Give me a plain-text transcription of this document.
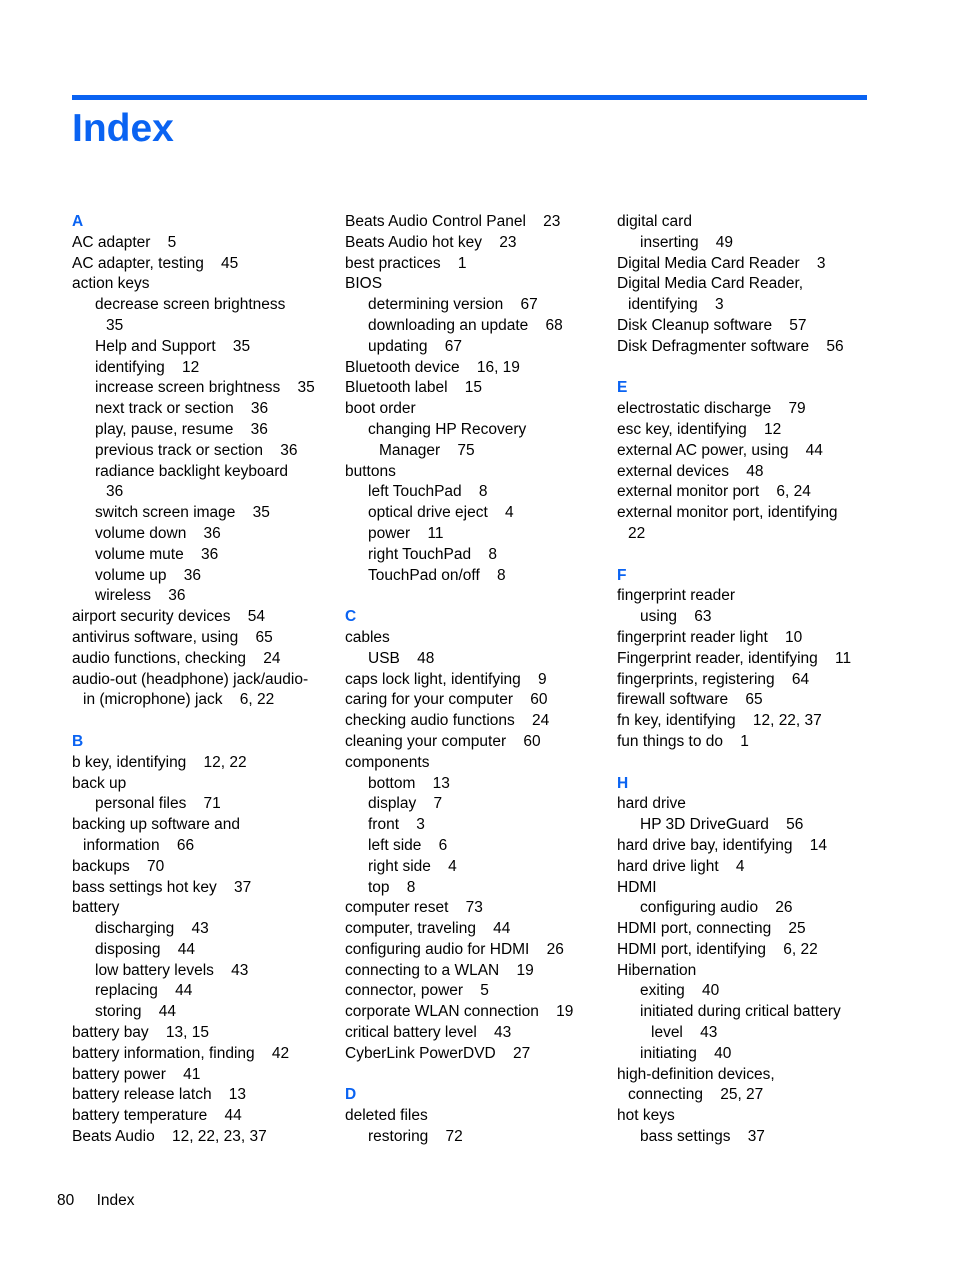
Index
A
AC adapter    5
AC adapter, testing    45
action keys
decrease screen brightness
35
Help and Support    35
identifying    12
increase screen brightness    35
next track or section    36
play, pause, resume    36
previous track or section    36
radiance backlight keyboard
36
switch screen image    35
volume down    36
volume mute    36
volume up    36
wireless    36
airport security devices    54
antivirus software, using    65
audio functions, checking    24
audio-out (headphone) jack/audio-
in (microphone) jack    6, 22
B
b key, identifying    12, 22
back up
personal files    71
backing up software and
information    66
backups    70
bass settings hot key    37
battery
discharging    43
disposing    44
low battery levels    43
replacing    44
storing    44
battery bay    13, 15
battery information, finding    42
battery power    41
battery release latch    13
battery temperature    44
Beats Audio    12, 22, 23, 37
Beats Audio Control Panel    23
Beats Audio hot key    23
best practices    1
BIOS
determining version    67
downloading an update    68
updating    67
Bluetooth device    16, 19
Bluetooth label    15
boot order
changing HP Recovery
Manager    75
buttons
left TouchPad    8
optical drive eject    4
power    11
right TouchPad    8
TouchPad on/off    8
C
cables
USB    48
caps lock light, identifying    9
caring for your computer    60
checking audio functions    24
cleaning your computer    60
components
bottom    13
display    7
front    3
left side    6
right side    4
top    8
computer reset    73
computer, traveling    44
configuring audio for HDMI    26
connecting to a WLAN    19
connector, power    5
corporate WLAN connection    19
critical battery level    43
CyberLink PowerDVD    27
D
deleted files
restoring    72
digital card
inserting    49
Digital Media Card Reader    3
Digital Media Card Reader,
identifying    3
Disk Cleanup software    57
Disk Defragmenter software    56
E
electrostatic discharge    79
esc key, identifying    12
external AC power, using    44
external devices    48
external monitor port    6, 24
external monitor port, identifying
22
F
fingerprint reader
using    63
fingerprint reader light    10
Fingerprint reader, identifying    11
fingerprints, registering    64
firewall software    65
fn key, identifying    12, 22, 37
fun things to do    1
H
hard drive
HP 3D DriveGuard    56
hard drive bay, identifying    14
hard drive light    4
HDMI
configuring audio    26
HDMI port, connecting    25
HDMI port, identifying    6, 22
Hibernation
exiting    40
initiated during critical battery
level    43
initiating    40
high-definition devices,
connecting    25, 27
hot keys
bass settings    37
80 Index
